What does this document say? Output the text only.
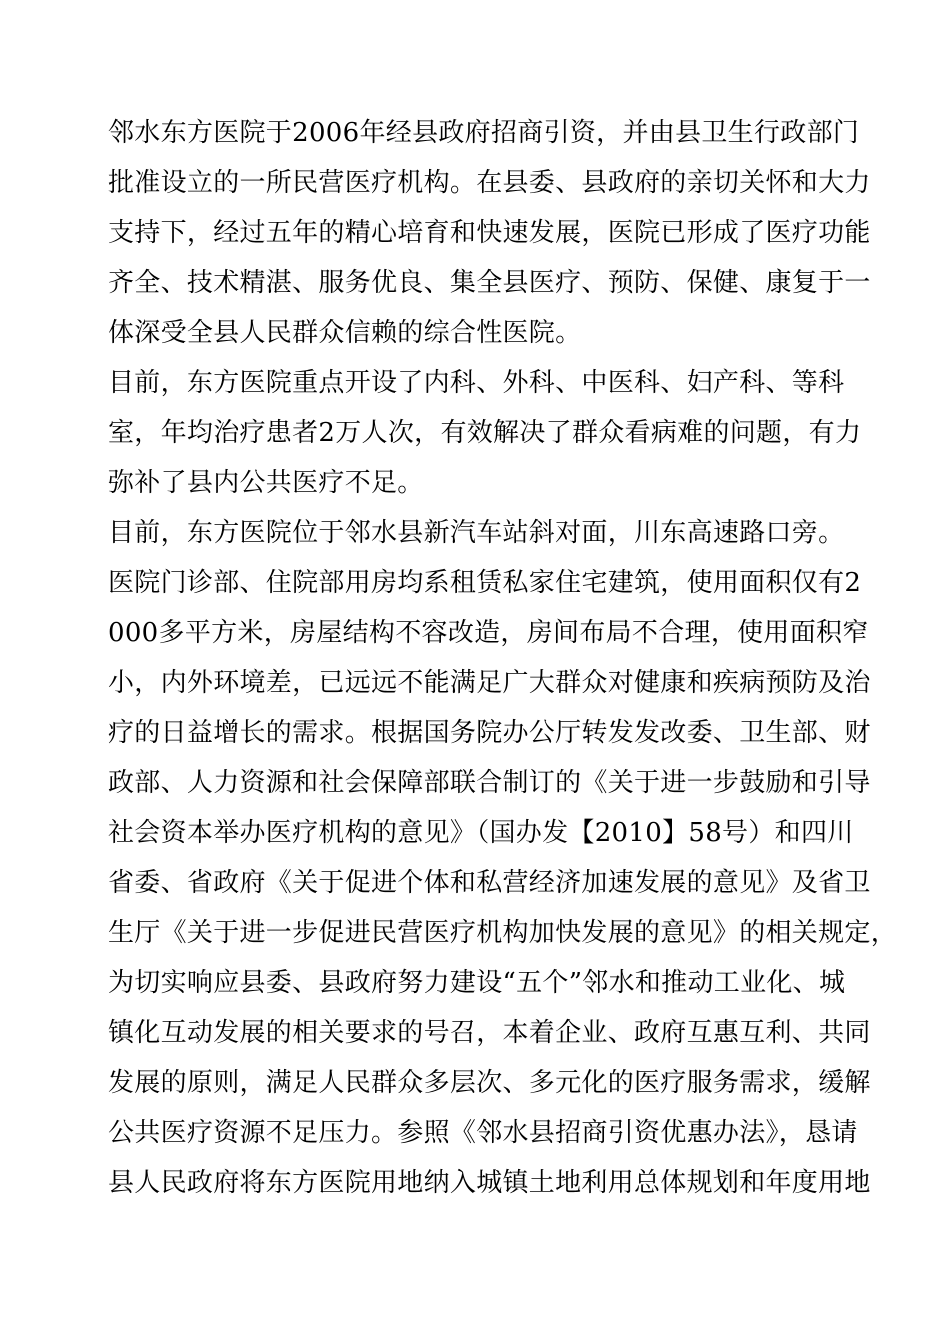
邻水东方医院于2006年经县政府招商引资，并由县卫生行政部门
批准设立的一所民营医疗机构。在县委、县政府的亲切关怀和大力
支持下，经过五年的精心培育和快速发展，医院已形成了医疗功能
齐全、技术精湛、服务优良、集全县医疗、预防、保健、康复于一
体深受全县人民群众信赖的综合性医院。
目前，东方医院重点开设了内科、外科、中医科、妇产科、等科
室，年均治疗患者2万人次，有效解决了群众看病难的问题，有力
弥补了县内公共医疗不足。
目前，东方医院位于邻水县新汽车站斜对面，川东高速路口旁。
医院门诊部、住院部用房均系租赁私家住宅建筑，使用面积仅有2
000多平方米，房屋结构不容改造，房间布局不合理，使用面积窄
小，内外环境差，已远远不能满足广大群众对健康和疾病预防及治
疗的日益增长的需求。根据国务院办公厅转发发改委、卫生部、财
政部、人力资源和社会保障部联合制订的《关于进一步鼓励和引导
社会资本举办医疗机构的意见》（国办发【2010】58号）和四川
省委、省政府《关于促进个体和私营经济加速发展的意见》及省卫
生厅《关于进一步促进民营医疗机构加快发展的意见》的相关规定，
为切实响应县委、县政府努力建设“五个”邻水和推动工业化、城
镇化互动发展的相关要求的号召，本着企业、政府互惠互利、共同
发展的原则，满足人民群众多层次、多元化的医疗服务需求，缓解
公共医疗资源不足压力。参照《邻水县招商引资优惠办法》，恳请
县人民政府将东方医院用地纳入城镇土地利用总体规划和年度用地
